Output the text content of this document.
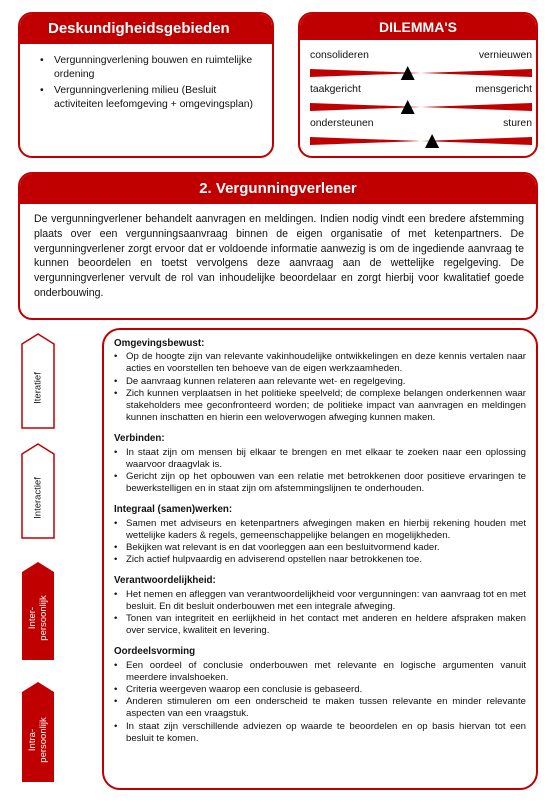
Deskundigheidsgebieden
• Vergunningverlening bouwen en ruimtelijke ordening
• Vergunningverlening milieu (Besluit activiteiten leefomgeving + omgevingsplan)
DILEMMA'S
consolideren	vernieuwen
taakgericht	mensgericht
ondersteunen	sturen
2. Vergunningverlener

De vergunningverlener behandelt aanvragen en meldingen. Indien nodig vindt een bredere afstemming plaats over een vergunningsaanvraag binnen de eigen organisatie of met ketenpartners. De vergunningverlener zorgt ervoor dat er voldoende informatie aanwezig is om de ingediende aanvraag te kunnen beoordelen en toetst vervolgens deze aanvraag aan de wettelijke regelgeving. De vergunningverlener vervult de rol van inhoudelijke beoordelaar en zorgt hierbij voor kwalitatief goede onderbouwing.

Iteratief
Interactief
Inter-
persoonlijk
Intra-
persoonlijk
Omgevingsbewust:
• Op de hoogte zijn van relevante vakinhoudelijke ontwikkelingen en deze kennis vertalen naar acties en voorstellen ten behoeve van de eigen werkzaamheden.
• De aanvraag kunnen relateren aan relevante wet- en regelgeving.
• Zich kunnen verplaatsen in het politieke speelveld; de complexe belangen onderkennen waar stakeholders mee geconfronteerd worden; de politieke impact van aanvragen en meldingen kunnen inschatten en hierin een weloverwogen afweging kunnen maken.
Verbinden:
• In staat zijn om mensen bij elkaar te brengen en met elkaar te zoeken naar een oplossing waarvoor draagvlak is.
• Gericht zijn op het opbouwen van een relatie met betrokkenen door positieve ervaringen te bewerkstelligen en in staat zijn om afstemmingslijnen te onderhouden.
Integraal (samen)werken:
• Samen met adviseurs en ketenpartners afwegingen maken en hierbij rekening houden met wettelijke kaders & regels, gemeenschappelijke belangen en mogelijkheden.
• Bekijken wat relevant is en dat voorleggen aan een besluitvormend kader.
• Zich actief hulpvaardig en adviserend opstellen naar betrokkenen toe.
Verantwoordelijkheid:
• Het nemen en afleggen van verantwoordelijkheid voor vergunningen: van aanvraag tot en met besluit. En dit besluit onderbouwen met een integrale afweging.
• Tonen van integriteit en eerlijkheid in het contact met anderen en heldere afspraken maken over service, kwaliteit en levering.
Oordeelsvorming
• Een oordeel of conclusie onderbouwen met relevante en logische argumenten vanuit meerdere invalshoeken.
• Criteria weergeven waarop een conclusie is gebaseerd.
• Anderen stimuleren om een onderscheid te maken tussen relevante en minder relevante aspecten van een vraagstuk.
• In staat zijn verschillende adviezen op waarde te beoordelen en op basis hiervan tot een besluit te komen.
